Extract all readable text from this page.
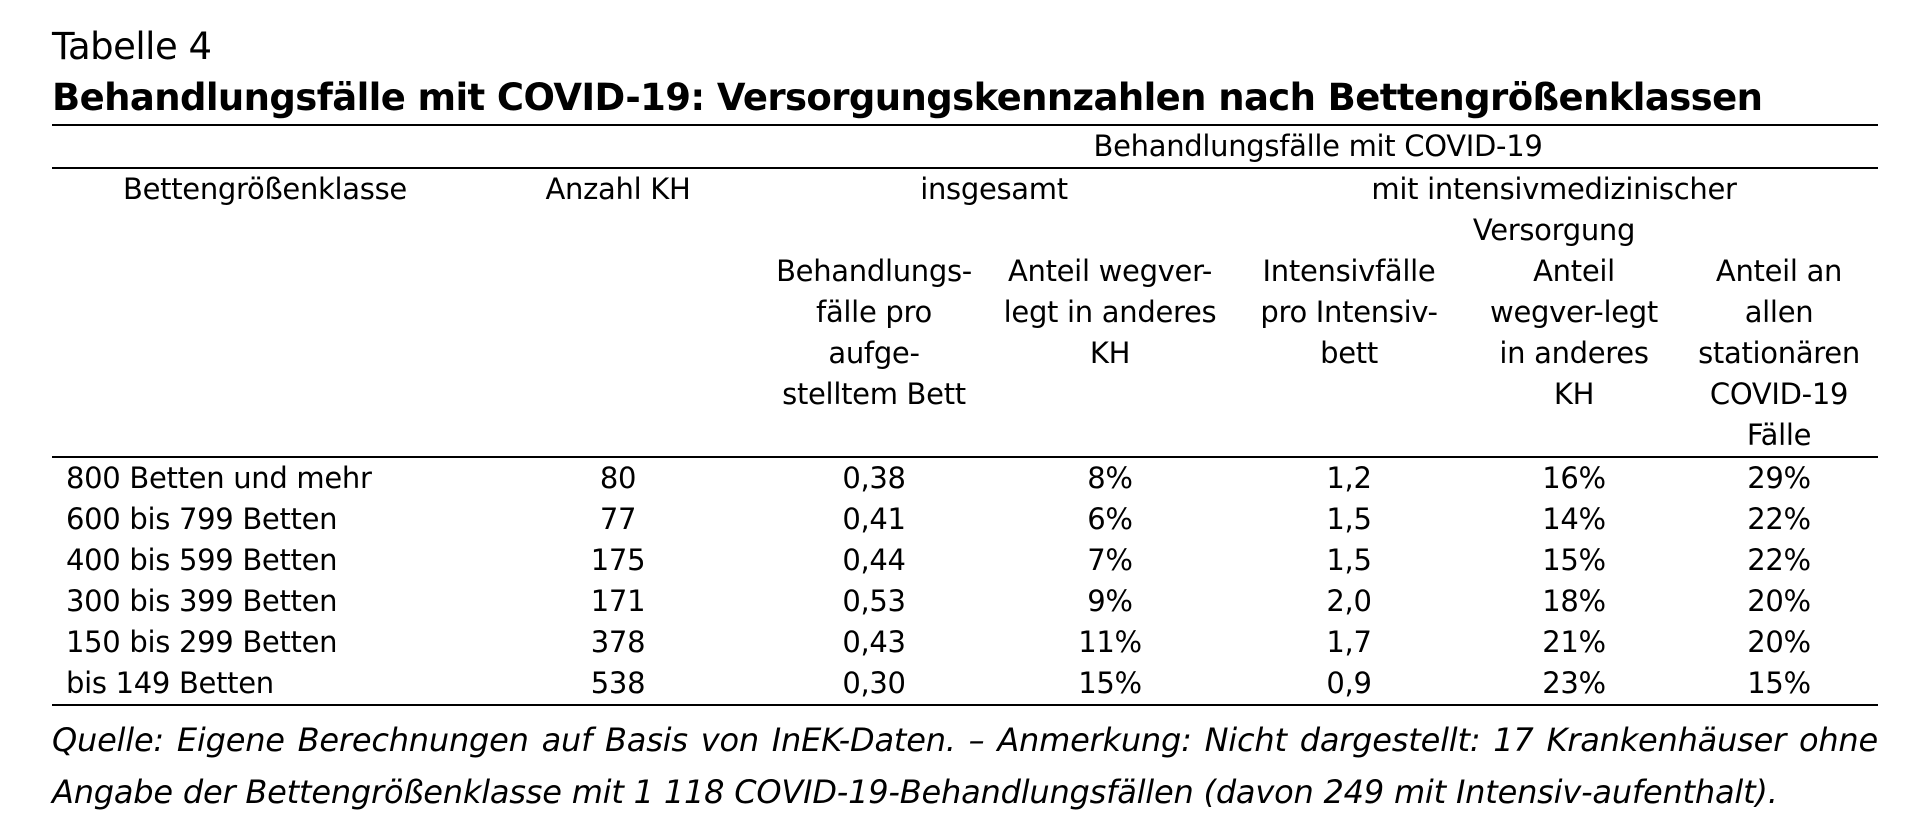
Tabelle 4
Behandlungsfälle mit COVID-19: Versorgungskennzahlen nach Bettengrößenklassen
		Behandlungsfälle mit COVID-19				
Bettengrößenklasse	Anzahl KH	insgesamt		mit intensivmedizinischer Versorgung		
		Behandlungs-fälle pro aufge-stelltem Bett	Anteil wegver-legt in anderes KH	Intensivfälle pro Intensiv-bett	Anteil wegver-legt in anderes KH	Anteil an allen stationären COVID-19 Fälle
800 Betten und mehr	80	0,38	8%	1,2	16%	29%
600 bis 799 Betten	77	0,41	6%	1,5	14%	22%
400 bis 599 Betten	175	0,44	7%	1,5	15%	22%
300 bis 399 Betten	171	0,53	9%	2,0	18%	20%
150 bis 299 Betten	378	0,43	11%	1,7	21%	20%
bis 149 Betten	538	0,30	15%	0,9	23%	15%
Quelle: Eigene Berechnungen auf Basis von InEK-Daten. – Anmerkung: Nicht dargestellt: 17 Krankenhäuser ohne Angabe der Bettengrößenklasse mit 1 118 COVID-19-Behandlungsfällen (davon 249 mit Intensiv-aufenthalt).
